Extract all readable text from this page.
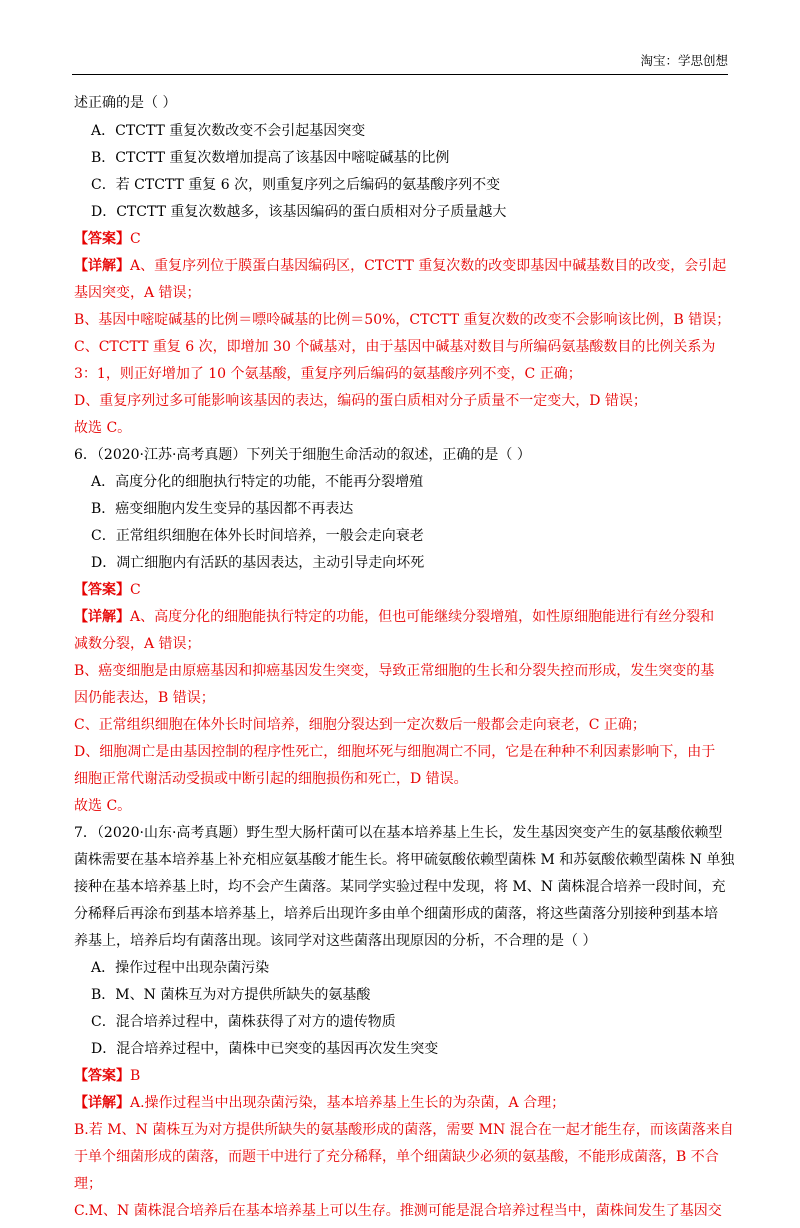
淘宝：学思创想
述正确的是（ ）
A．CTCTT 重复次数改变不会引起基因突变
B．CTCTT 重复次数增加提高了该基因中嘧啶碱基的比例
C．若 CTCTT 重复 6 次，则重复序列之后编码的氨基酸序列不变
D．CTCTT 重复次数越多，该基因编码的蛋白质相对分子质量越大
【答案】C
【详解】A、重复序列位于膜蛋白基因编码区，CTCTT 重复次数的改变即基因中碱基数目的改变，会引起
基因突变，A 错误；
B、基因中嘧啶碱基的比例＝嘌呤碱基的比例＝50%，CTCTT 重复次数的改变不会影响该比例，B 错误；
C、CTCTT 重复 6 次，即增加 30 个碱基对，由于基因中碱基对数目与所编码氨基酸数目的比例关系为
3：1，则正好增加了 10 个氨基酸，重复序列后编码的氨基酸序列不变，C 正确；
D、重复序列过多可能影响该基因的表达，编码的蛋白质相对分子质量不一定变大，D 错误；
故选 C。
6．（2020·江苏·高考真题）下列关于细胞生命活动的叙述，正确的是（ ）
A．高度分化的细胞执行特定的功能，不能再分裂增殖
B．癌变细胞内发生变异的基因都不再表达
C．正常组织细胞在体外长时间培养，一般会走向衰老
D．凋亡细胞内有活跃的基因表达，主动引导走向坏死
【答案】C
【详解】A、高度分化的细胞能执行特定的功能，但也可能继续分裂增殖，如性原细胞能进行有丝分裂和
减数分裂，A 错误；
B、癌变细胞是由原癌基因和抑癌基因发生突变，导致正常细胞的生长和分裂失控而形成，发生突变的基
因仍能表达，B 错误；
C、正常组织细胞在体外长时间培养，细胞分裂达到一定次数后一般都会走向衰老，C 正确；
D、细胞凋亡是由基因控制的程序性死亡，细胞坏死与细胞凋亡不同，它是在种种不利因素影响下，由于
细胞正常代谢活动受损或中断引起的细胞损伤和死亡，D 错误。
故选 C。
7．（2020·山东·高考真题）野生型大肠杆菌可以在基本培养基上生长，发生基因突变产生的氨基酸依赖型
菌株需要在基本培养基上补充相应氨基酸才能生长。将甲硫氨酸依赖型菌株 M 和苏氨酸依赖型菌株 N 单独
接种在基本培养基上时，均不会产生菌落。某同学实验过程中发现，将 M、N 菌株混合培养一段时间，充
分稀释后再涂布到基本培养基上，培养后出现许多由单个细菌形成的菌落，将这些菌落分别接种到基本培
养基上，培养后均有菌落出现。该同学对这些菌落出现原因的分析，不合理的是（ ）
A．操作过程中出现杂菌污染
B．M、N 菌株互为对方提供所缺失的氨基酸
C．混合培养过程中，菌株获得了对方的遗传物质
D．混合培养过程中，菌株中已突变的基因再次发生突变
【答案】B
【详解】A.操作过程当中出现杂菌污染，基本培养基上生长的为杂菌，A 合理；
B.若 M、N 菌株互为对方提供所缺失的氨基酸形成的菌落，需要 MN 混合在一起才能生存，而该菌落来自
于单个细菌形成的菌落，而题干中进行了充分稀释，单个细菌缺少必须的氨基酸，不能形成菌落，B 不合
理；
C.M、N 菌株混合培养后在基本培养基上可以生存。推测可能是混合培养过程当中，菌株间发生了基因交
